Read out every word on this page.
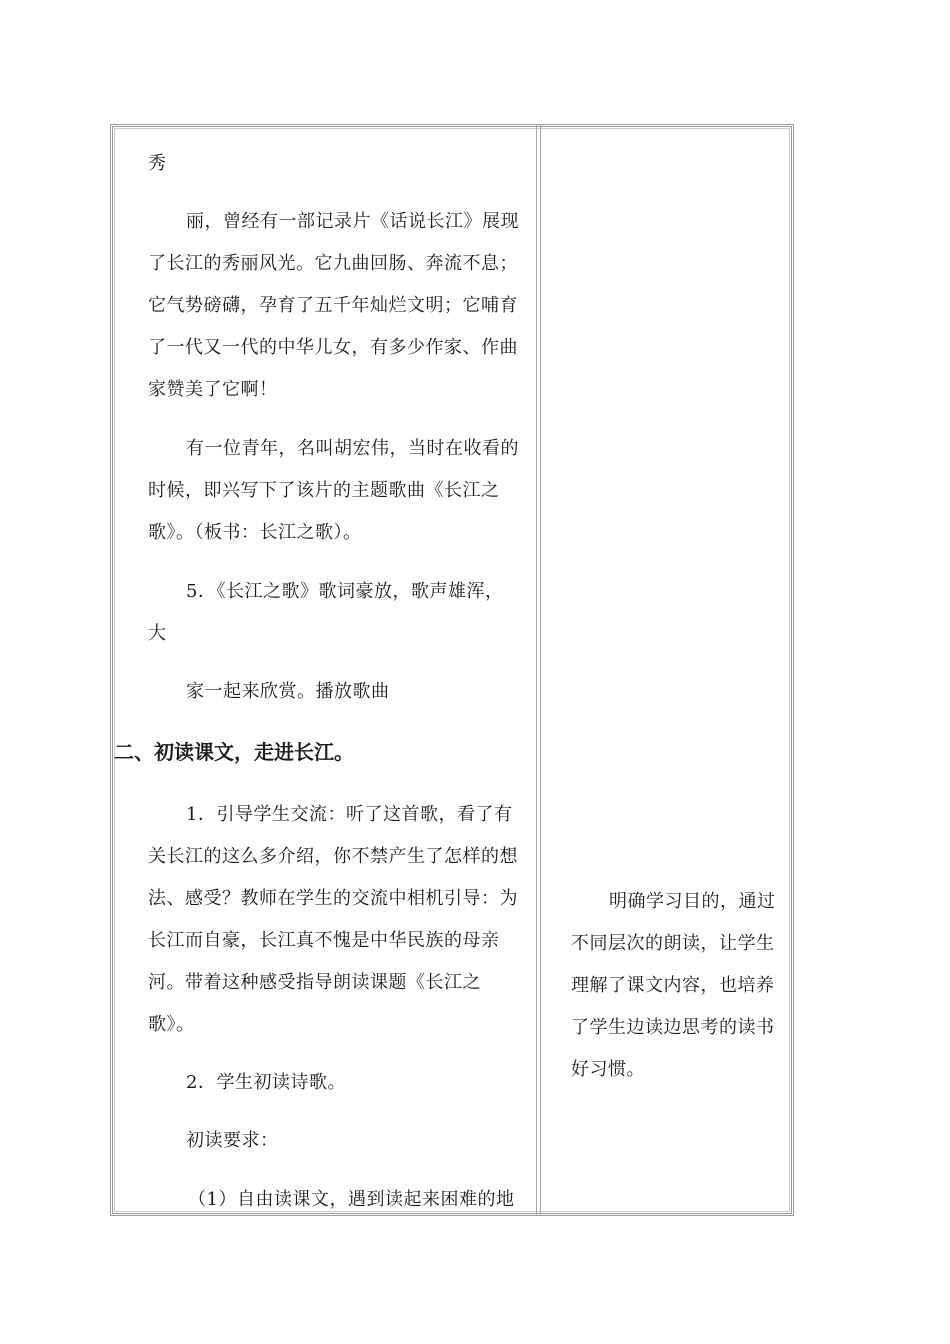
秀
丽，曾经有一部记录片《话说长江》展现
了长江的秀丽风光。它九曲回肠、奔流不息；
它气势磅礴，孕育了五千年灿烂文明；它哺育
了一代又一代的中华儿女，有多少作家、作曲
家赞美了它啊！
有一位青年，名叫胡宏伟，当时在收看的
时候，即兴写下了该片的主题歌曲《长江之
歌》。（板书：长江之歌）。
5．《长江之歌》歌词豪放，歌声雄浑，
大
家一起来欣赏。播放歌曲
二、初读课文，走进长江。
1．引导学生交流：听了这首歌，看了有
关长江的这么多介绍，你不禁产生了怎样的想
法、感受？教师在学生的交流中相机引导：为
长江而自豪，长江真不愧是中华民族的母亲
河。带着这种感受指导朗读课题《长江之
歌》。
2．学生初读诗歌。
初读要求：
（1）自由读课文，遇到读起来困难的地
明确学习目的，通过
不同层次的朗读，让学生
理解了课文内容，也培养
了学生边读边思考的读书
好习惯。
